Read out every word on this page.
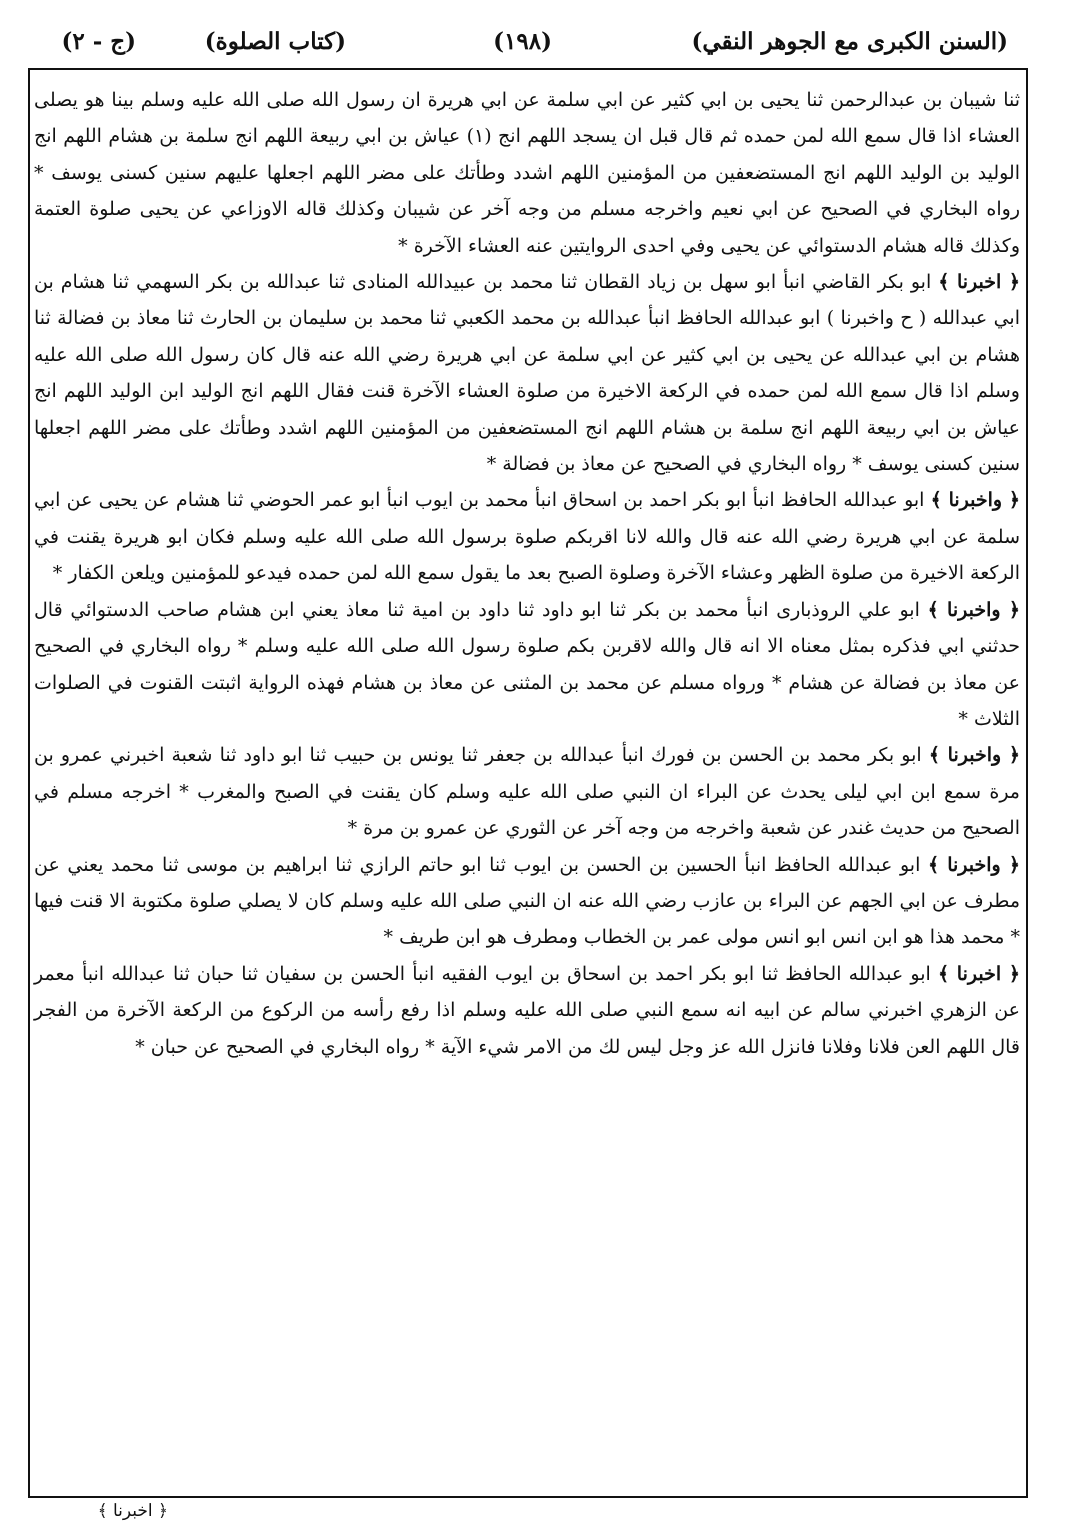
(السنن الكبرى مع الجوهر النقي)
(١٩٨)
(كتاب الصلوة)
(ج - ٢)

ثنا شيبان بن عبدالرحمن ثنا يحيى بن ابي كثير عن ابي سلمة عن ابي هريرة ان رسول الله صلى الله عليه وسلم بينا هو يصلى العشاء اذا قال سمع الله لمن حمده ثم قال قبل ان يسجد اللهم انج (١) عياش بن ابي ربيعة اللهم انج سلمة بن هشام اللهم انج الوليد بن الوليد اللهم انج المستضعفين من المؤمنين اللهم اشدد وطأتك على مضر اللهم اجعلها عليهم سنين كسنى يوسف * رواه البخاري في الصحيح عن ابي نعيم واخرجه مسلم من وجه آخر عن شيبان وكذلك قاله الاوزاعي عن يحيى صلوة العتمة وكذلك قاله هشام الدستوائي عن يحيى وفي احدى الروايتين عنه العشاء الآخرة *

﴿ اخبرنا ﴾ ابو بكر القاضي انبأ ابو سهل بن زياد القطان ثنا محمد بن عبيدالله المنادى ثنا عبدالله بن بكر السهمي ثنا هشام بن ابي عبدالله ( ح واخبرنا ) ابو عبدالله الحافظ انبأ عبدالله بن محمد الكعبي ثنا محمد بن سليمان بن الحارث ثنا معاذ بن فضالة ثنا هشام بن ابي عبدالله عن يحيى بن ابي كثير عن ابي سلمة عن ابي هريرة رضي الله عنه قال كان رسول الله صلى الله عليه وسلم اذا قال سمع الله لمن حمده في الركعة الاخيرة من صلوة العشاء الآخرة قنت فقال اللهم انج الوليد ابن الوليد اللهم انج عياش بن ابي ربيعة اللهم انج سلمة بن هشام اللهم انج المستضعفين من المؤمنين اللهم اشدد وطأتك على مضر اللهم اجعلها سنين كسنى يوسف * رواه البخاري في الصحيح عن معاذ بن فضالة *

﴿ واخبرنا ﴾ ابو عبدالله الحافظ انبأ ابو بكر احمد بن اسحاق انبأ محمد بن ايوب انبأ ابو عمر الحوضي ثنا هشام عن يحيى عن ابي سلمة عن ابي هريرة رضي الله عنه قال والله لانا اقربكم صلوة برسول الله صلى الله عليه وسلم فكان ابو هريرة يقنت في الركعة الاخيرة من صلوة الظهر وعشاء الآخرة وصلوة الصبح بعد ما يقول سمع الله لمن حمده فيدعو للمؤمنين ويلعن الكفار *

﴿ واخبرنا ﴾ ابو علي الروذبارى انبأ محمد بن بكر ثنا ابو داود ثنا داود بن امية ثنا معاذ يعني ابن هشام صاحب الدستوائي قال حدثني ابي فذكره بمثل معناه الا انه قال والله لاقربن بكم صلوة رسول الله صلى الله عليه وسلم * رواه البخاري في الصحيح عن معاذ بن فضالة عن هشام * ورواه مسلم عن محمد بن المثنى عن معاذ بن هشام فهذه الرواية اثبتت القنوت في الصلوات الثلاث *

﴿ واخبرنا ﴾ ابو بكر محمد بن الحسن بن فورك انبأ عبدالله بن جعفر ثنا يونس بن حبيب ثنا ابو داود ثنا شعبة اخبرني عمرو بن مرة سمع ابن ابي ليلى يحدث عن البراء ان النبي صلى الله عليه وسلم كان يقنت في الصبح والمغرب * اخرجه مسلم في الصحيح من حديث غندر عن شعبة واخرجه من وجه آخر عن الثوري عن عمرو بن مرة *

﴿ واخبرنا ﴾ ابو عبدالله الحافظ انبأ الحسين بن الحسن بن ايوب ثنا ابو حاتم الرازي ثنا ابراهيم بن موسى ثنا محمد يعني عن مطرف عن ابي الجهم عن البراء بن عازب رضي الله عنه ان النبي صلى الله عليه وسلم كان لا يصلي صلوة مكتوبة الا قنت فيها * محمد هذا هو ابن انس ابو انس مولى عمر بن الخطاب ومطرف هو ابن طريف *

﴿ اخبرنا ﴾ ابو عبدالله الحافظ ثنا ابو بكر احمد بن اسحاق بن ايوب الفقيه انبأ الحسن بن سفيان ثنا حبان ثنا عبدالله انبأ معمر عن الزهري اخبرني سالم عن ابيه انه سمع النبي صلى الله عليه وسلم اذا رفع رأسه من الركوع من الركعة الآخرة من الفجر قال اللهم العن فلانا وفلانا فانزل الله عز وجل ليس لك من الامر شيء الآية * رواه البخاري في الصحيح عن حبان *

﴿ اخبرنا ﴾
